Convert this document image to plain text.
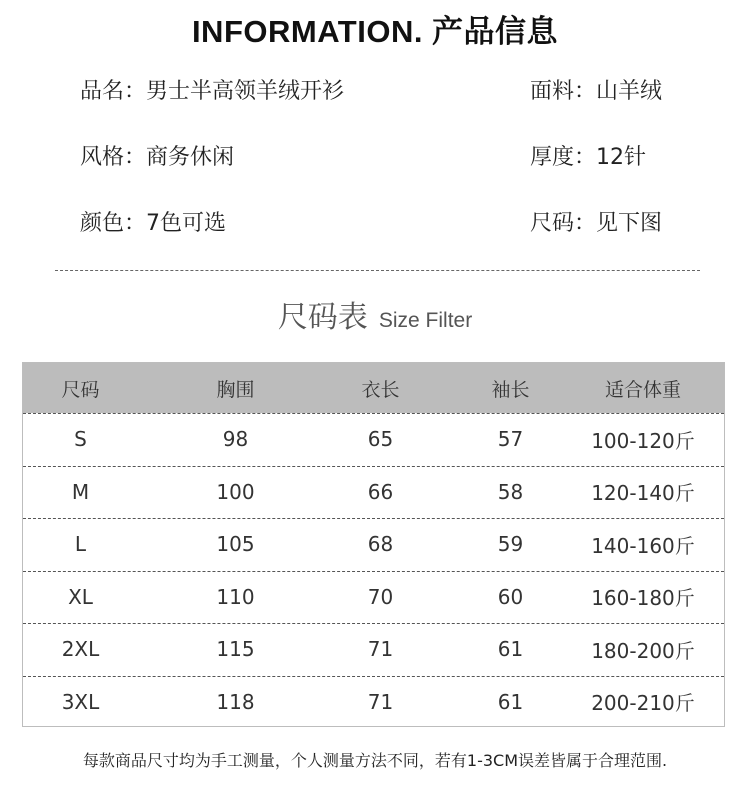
INFORMATION. 产品信息
品名：男士半高领羊绒开衫	面料：山羊绒
风格：商务休闲	厚度：12针
颜色：7色可选	尺码：见下图
尺码表 Size Filter
尺码	胸围	衣长	袖长	适合体重
S	98	65	57	100-120斤
M	100	66	58	120-140斤
L	105	68	59	140-160斤
XL	110	70	60	160-180斤
2XL	115	71	61	180-200斤
3XL	118	71	61	200-210斤
每款商品尺寸均为手工测量，个人测量方法不同，若有1-3CM误差皆属于合理范围.
